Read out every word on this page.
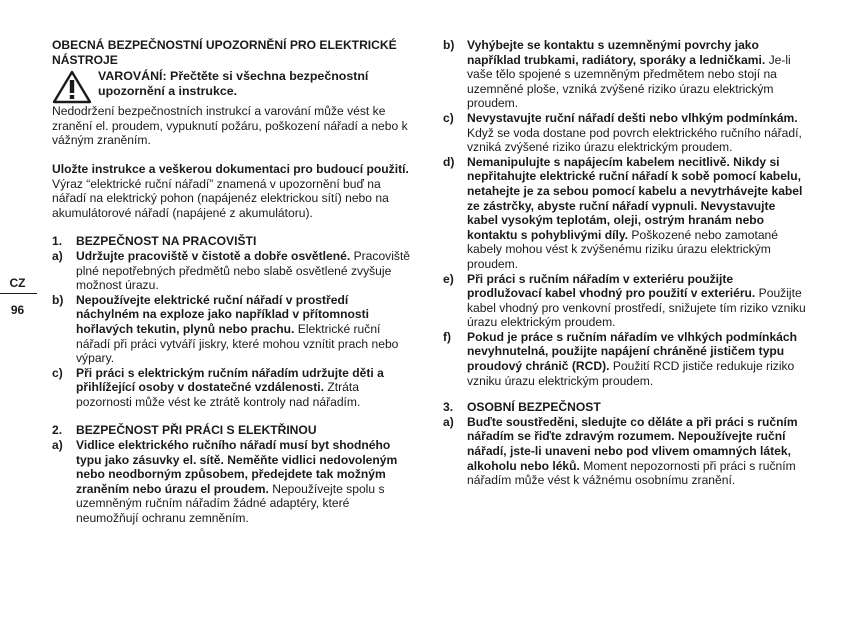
CZ
96

OBECNÁ BEZPEČNOSTNÍ UPOZORNĚNÍ PRO ELEKTRICKÉ NÁSTROJE

VAROVÁNÍ: Přečtěte si všechna bezpečnostní upozornění a instrukce.

Nedodržení bezpečnostních instrukcí a varování může vést ke zranění el. proudem, vypuknutí požáru, poškození nářadí a nebo k vážným zraněním.

Uložte instrukce a veškerou dokumentaci pro budoucí použití.

Výraz “elektrické ruční nářadí” znamená v upozornění buď na nářadí na elektrický pohon (napájenéz elektrickou sítí) nebo na akumulátorové nářadí (napájené z akumulátoru).

1.	BEZPEČNOST NA PRACOVIŠTI
a)	Udržujte pracoviště v čistotě a dobře osvětlené. Pracoviště plné nepotřebných předmětů nebo slabě osvětlené zvyšuje možnost úrazu.
b)	Nepoužívejte elektrické ruční nářadí v prostředí náchylném na exploze jako například v přítomnosti hořlavých tekutin, plynů nebo prachu. Elektrické ruční nářadí při práci vytváří jiskry, které mohou vznítit prach nebo výpary.
c)	Při práci s elektrickým ručním nářadím udržujte děti a přihlížející osoby v dostatečné vzdálenosti. Ztráta pozornosti může vést ke ztrátě kontroly nad nářadím.
2.	BEZPEČNOST PŘI PRÁCI S ELEKTŘINOU
a)	Vidlice elektrického ručního nářadí musí byt shodného typu jako zásuvky el. sítě. Neměňte vidlici nedovoleným nebo neodborným způsobem, předejdete tak možným zraněním nebo úrazu el proudem. Nepoužívejte spolu s uzemněným ručním nářadím žádné adaptéry, které neumožňují ochranu zemněním.
b)	Vyhýbejte se kontaktu s uzemněnými povrchy jako například trubkami, radiátory, sporáky a ledničkami. Je-li vaše tělo spojené s uzemněným předmětem nebo stojí na uzemněné ploše, vzniká zvýšené riziko úrazu elektrickým proudem.
c)	Nevystavujte ruční nářadí dešti nebo vlhkým podmínkám. Když se voda dostane pod povrch elektrického ručního nářadí, vzniká zvýšené riziko úrazu elektrickým proudem.
d)	Nemanipulujte s napájecím kabelem necitlivě. Nikdy si nepřitahujte elektrické ruční nářadí k sobě pomocí kabelu, netahejte je za sebou pomocí kabelu a nevytrhávejte kabel ze zástrčky, abyste ruční nářadí vypnuli. Nevystavujte kabel vysokým teplotám, oleji, ostrým hranám nebo kontaktu s pohyblivými díly. Poškozené nebo zamotané kabely mohou vést k zvýšenému riziku úrazu elektrickým proudem.
e)	Při práci s ručním nářadím v exteriéru použijte prodlužovací kabel vhodný pro použití v exteriéru. Použijte kabel vhodný pro venkovní prostředí, snižujete tím riziko vzniku úrazu elektrickým proudem.
f)	Pokud je práce s ručním nářadím ve vlhkých podmínkách nevyhnutelná, použijte napájení chráněné jističem typu proudový chránič (RCD). Použití RCD jističe redukuje riziko vzniku úrazu elektrickým proudem.
3.	OSOBNÍ BEZPEČNOST
a)	Buďte soustředěni, sledujte co děláte a při práci s ručním nářadím se řiďte zdravým rozumem. Nepoužívejte ruční nářadí, jste-li unaveni nebo pod vlivem omamných látek, alkoholu nebo léků. Moment nepozornosti při práci s ručním nářadím může vést k vážnému osobnímu zranění.
